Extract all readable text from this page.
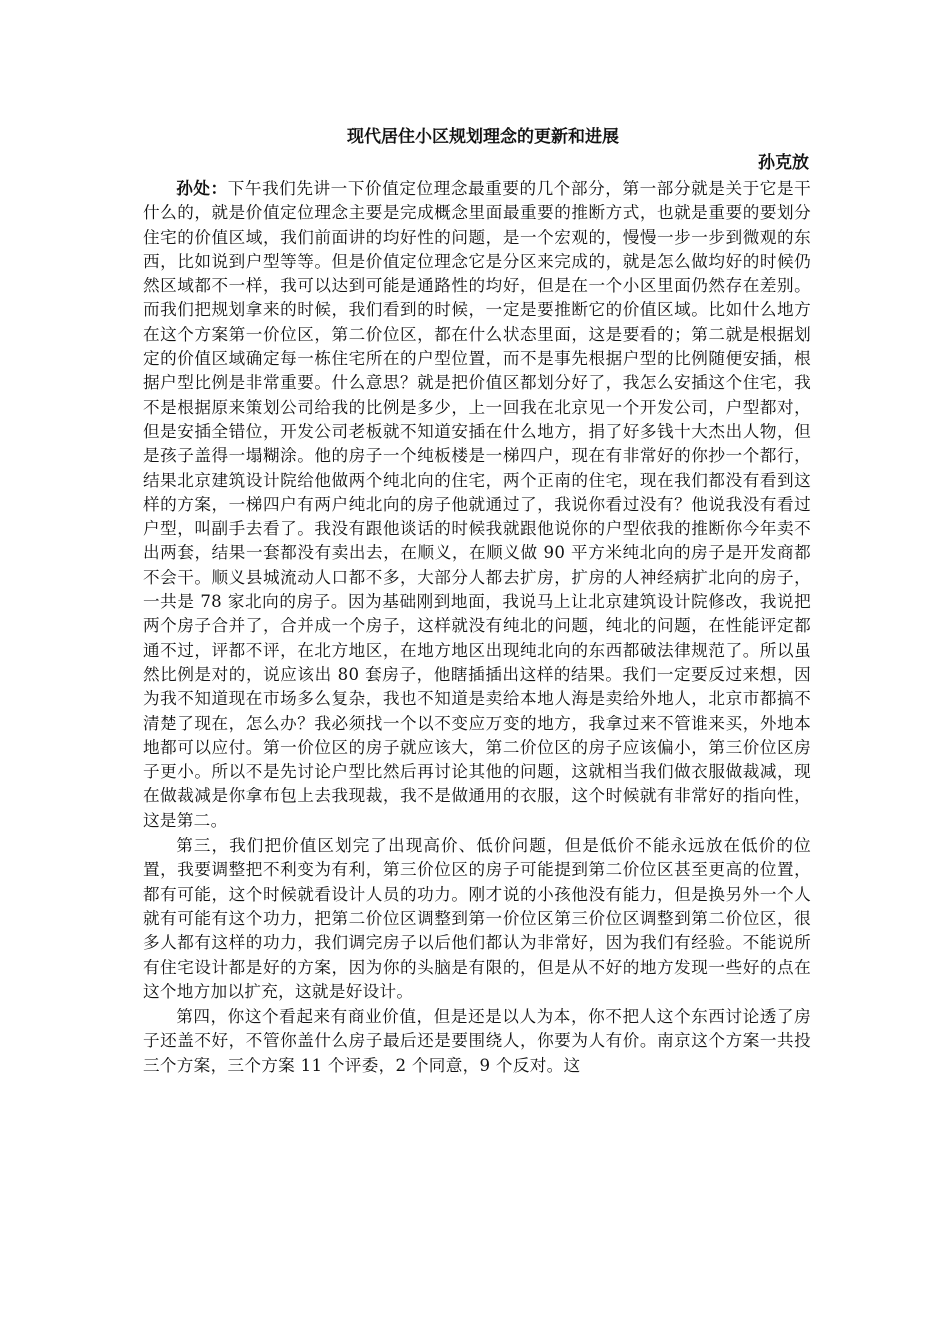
现代居住小区规划理念的更新和进展
孙克放

孙处：下午我们先讲一下价值定位理念最重要的几个部分，第一部分就是关于它是干什么的，就是价值定位理念主要是完成概念里面最重要的推断方式，也就是重要的要划分住宅的价值区域，我们前面讲的均好性的问题，是一个宏观的，慢慢一步一步到微观的东西，比如说到户型等等。但是价值定位理念它是分区来完成的，就是怎么做均好的时候仍然区域都不一样，我可以达到可能是通路性的均好，但是在一个小区里面仍然存在差别。而我们把规划拿来的时候，我们看到的时候，一定是要推断它的价值区域。比如什么地方在这个方案第一价位区，第二价位区，都在什么状态里面，这是要看的；第二就是根据划定的价值区域确定每一栋住宅所在的户型位置，而不是事先根据户型的比例随便安插，根据户型比例是非常重要。什么意思？就是把价值区都划分好了，我怎么安插这个住宅，我不是根据原来策划公司给我的比例是多少，上一回我在北京见一个开发公司，户型都对，但是安插全错位，开发公司老板就不知道安插在什么地方，捐了好多钱十大杰出人物，但是孩子盖得一塌糊涂。他的房子一个纯板楼是一梯四户，现在有非常好的你抄一个都行，结果北京建筑设计院给他做两个纯北向的住宅，两个正南的住宅，现在我们都没有看到这样的方案，一梯四户有两户纯北向的房子他就通过了，我说你看过没有？他说我没有看过户型，叫副手去看了。我没有跟他谈话的时候我就跟他说你的户型依我的推断你今年卖不出两套，结果一套都没有卖出去，在顺义，在顺义做 90 平方米纯北向的房子是开发商都不会干。顺义县城流动人口都不多，大部分人都去扩房，扩房的人神经病扩北向的房子，一共是 78 家北向的房子。因为基础刚到地面，我说马上让北京建筑设计院修改，我说把两个房子合并了，合并成一个房子，这样就没有纯北的问题，纯北的问题，在性能评定都通不过，评都不评，在北方地区，在地方地区出现纯北向的东西都破法律规范了。所以虽然比例是对的，说应该出 80 套房子，他瞎插插出这样的结果。我们一定要反过来想，因为我不知道现在市场多么复杂，我也不知道是卖给本地人海是卖给外地人，北京市都搞不清楚了现在，怎么办？我必须找一个以不变应万变的地方，我拿过来不管谁来买，外地本地都可以应付。第一价位区的房子就应该大，第二价位区的房子应该偏小，第三价位区房子更小。所以不是先讨论户型比然后再讨论其他的问题，这就相当我们做衣服做裁减，现在做裁减是你拿布包上去我现裁，我不是做通用的衣服，这个时候就有非常好的指向性，这是第二。

第三，我们把价值区划完了出现高价、低价问题，但是低价不能永远放在低价的位置，我要调整把不利变为有利，第三价位区的房子可能提到第二价位区甚至更高的位置，都有可能，这个时候就看设计人员的功力。刚才说的小孩他没有能力，但是换另外一个人就有可能有这个功力，把第二价位区调整到第一价位区第三价位区调整到第二价位区，很多人都有这样的功力，我们调完房子以后他们都认为非常好，因为我们有经验。不能说所有住宅设计都是好的方案，因为你的头脑是有限的，但是从不好的地方发现一些好的点在这个地方加以扩充，这就是好设计。

第四，你这个看起来有商业价值，但是还是以人为本，你不把人这个东西讨论透了房子还盖不好，不管你盖什么房子最后还是要围绕人，你要为人有价。南京这个方案一共投三个方案，三个方案 11 个评委，2 个同意，9 个反对。这
